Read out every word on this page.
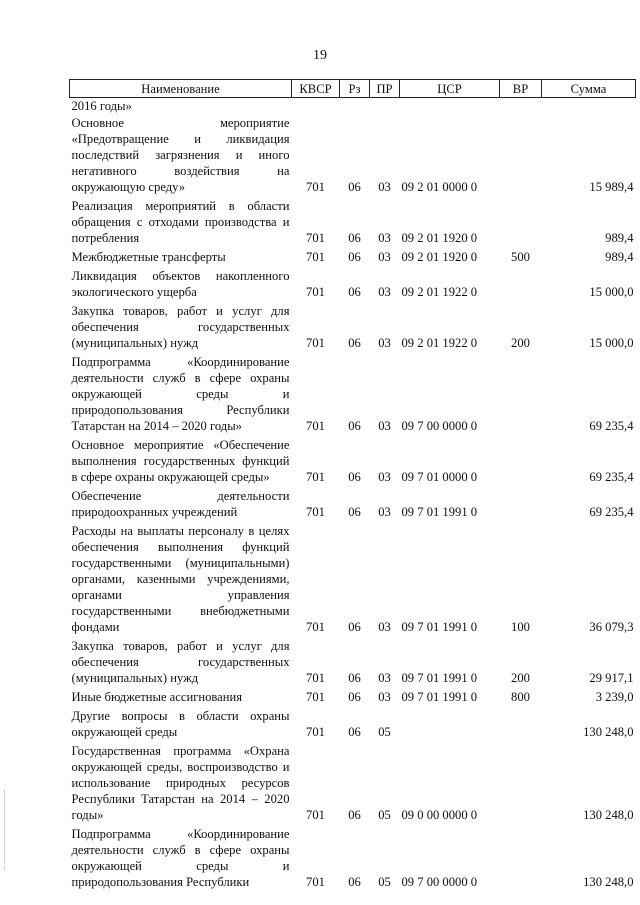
19
Наименование	КВСР	Рз	ПР	ЦСР	ВР	Сумма
2016 годы»						
Основное мероприятие «Предотвращение и ликвидация последствий загрязнения и иного негативного воздействия на окружающую среду»	701	06	03	09 2 01 0000 0		15 989,4
Реализация мероприятий в области обращения с отходами производства и потребления	701	06	03	09 2 01 1920 0		989,4
Межбюджетные трансферты	701	06	03	09 2 01 1920 0	500	989,4
Ликвидация объектов накопленного экологического ущерба	701	06	03	09 2 01 1922 0		15 000,0
Закупка товаров, работ и услуг для обеспечения государственных (муниципальных) нужд	701	06	03	09 2 01 1922 0	200	15 000,0
Подпрограмма «Координирование деятельности служб в сфере охраны окружающей среды и природопользования Республики Татарстан на 2014 – 2020 годы»	701	06	03	09 7 00 0000 0		69 235,4
Основное мероприятие «Обеспечение выполнения государственных функций в сфере охраны окружающей среды»	701	06	03	09 7 01 0000 0		69 235,4
Обеспечение деятельности природоохранных учреждений	701	06	03	09 7 01 1991 0		69 235,4
Расходы на выплаты персоналу в целях обеспечения выполнения функций государственными (муниципальными) органами, казенными учреждениями, органами управления государственными внебюджетными фондами	701	06	03	09 7 01 1991 0	100	36 079,3
Закупка товаров, работ и услуг для обеспечения государственных (муниципальных) нужд	701	06	03	09 7 01 1991 0	200	29 917,1
Иные бюджетные ассигнования	701	06	03	09 7 01 1991 0	800	3 239,0
Другие вопросы в области охраны окружающей среды	701	06	05			130 248,0
Государственная программа «Охрана окружающей среды, воспроизводство и использование природных ресурсов Республики Татарстан на 2014 – 2020 годы»	701	06	05	09 0 00 0000 0		130 248,0
Подпрограмма «Координирование деятельности служб в сфере охраны окружающей среды и природопользования Республики	701	06	05	09 7 00 0000 0		130 248,0
